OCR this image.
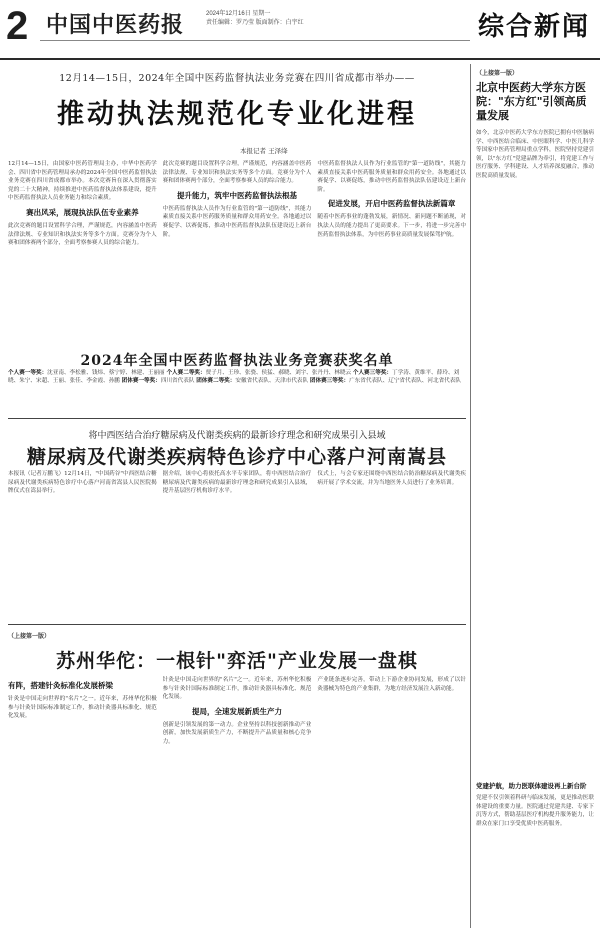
2 中国中医药报	2024年12月16日 星期一
责任编辑：罗乃莹 版面制作：白宇红	综合新闻
12月14—15日，2024年全国中医药监督执法业务竞赛在四川省成都市举办——
推动执法规范化专业化进程
本报记者 王泽绛

12月14—15日，由国家中医药管理局主办，中华中医药学会、四川省中医药管理局承办的2024年全国中医药监督执法业务竞赛在四川省成都市举办。本次竞赛旨在深入贯彻落实党的二十大精神，持续推进中医药监督执法体系建设，提升中医药监督执法人员业务能力和综合素质。

赛出风采，展现执法队伍专业素养

此次竞赛的题目设置科学合理，严谨规范，内容涵盖中医药法律法规、专业知识和执法实务等多个方面。竞赛分为个人赛和团体赛两个部分，全面考察参赛人员的综合能力。

此次竞赛的题目设置科学合理，严谨规范，内容涵盖中医药法律法规、专业知识和执法实务等多个方面。竞赛分为个人赛和团体赛两个部分，全面考察参赛人员的综合能力。

提升能力，筑牢中医药监督执法根基

中医药监督执法人员作为行业监管的"第一道防线"，其能力素质直接关系中医药服务质量和群众用药安全。各地通过以赛促学、以赛促练，推动中医药监督执法队伍建设迈上新台阶。

中医药监督执法人员作为行业监管的"第一道防线"，其能力素质直接关系中医药服务质量和群众用药安全。各地通过以赛促学、以赛促练，推动中医药监督执法队伍建设迈上新台阶。

促进发展，开启中医药监督执法新篇章

随着中医药事业的蓬勃发展，新情况、新问题不断涌现，对执法人员的能力提出了更高要求。下一步，将进一步完善中医药监督执法体系，为中医药事业高质量发展保驾护航。

2024年全国中医药监督执法业务竞赛获奖名单
个人赛一等奖：沈亚南、李松雅、钱炜、蔡宁婷、林建、王丽丽 个人赛二等奖：贾子月、王珍、张骁、侯猛、郝晓、刘宇、张丹丹、林晓云 个人赛三等奖：丁学涛、黄维平、薛玲、刘晓、朱宁、宋超、王丽、张佳、李金霞、孙鹏 团体赛一等奖：四川省代表队 团体赛二等奖：安徽省代表队、天津市代表队 团体赛三等奖：广东省代表队、辽宁省代表队、河北省代表队
将中西医结合治疗糖尿病及代谢类疾病的最新诊疗理念和研究成果引入县域
糖尿病及代谢类疾病特色诊疗中心落户河南嵩县

本报讯（记者万鹏飞）12月14日，"中国药谷"中西医结合糖尿病及代谢类疾病特色诊疗中心落户河南省嵩县人民医院揭牌仪式在嵩县举行。

据介绍，该中心将依托高水平专家团队，将中西医结合治疗糖尿病及代谢类疾病的最新诊疗理念和研究成果引入县域，提升基层医疗机构诊疗水平。

仪式上，与会专家还围绕中西医结合防治糖尿病及代谢类疾病开展了学术交流，并为当地医务人员进行了业务培训。

（上接第一版）
苏州华佗：一根针"弈活"产业发展一盘棋
有阵，搭建针灸标准化发展桥梁

针灸是中国走向世界的"名片"之一。近年来，苏州华佗积极参与针灸针国际标准制定工作，推动针灸器具标准化、规范化发展。

针灸是中国走向世界的"名片"之一。近年来，苏州华佗积极参与针灸针国际标准制定工作，推动针灸器具标准化、规范化发展。

提局，全速发展新质生产力

创新是引领发展的第一动力。企业坚持以科技创新推动产业创新，加快发展新质生产力，不断提升产品质量和核心竞争力。

产业链条逐步完善，带动上下游企业协同发展，形成了以针灸器械为特色的产业集群，为地方经济发展注入新动能。

（上接第一版）
北京中医药大学东方医院："东方红"引领高质量发展
如今，北京中医药大学东方医院已拥有中医脑病学、中西医结合临床、中医眼科学、中医儿科学等国家中医药管理局重点学科，医院坚持党建引领，以"东方红"党建品牌为牵引，将党建工作与医疗服务、学科建设、人才培养深度融合，推动医院高质量发展。
党建护航，助力医联体建设再上新台阶
党建不仅引领着科研与临床发展，更是推动医联体建设的重要力量。医院通过党建共建、专家下沉等方式，帮助基层医疗机构提升服务能力，让群众在家门口享受优质中医药服务。
